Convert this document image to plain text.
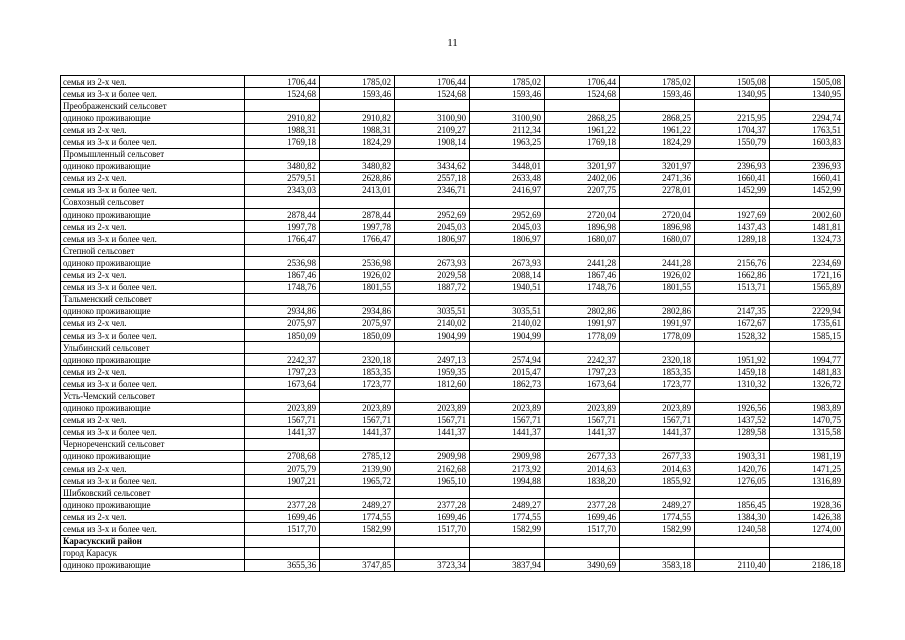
11
семья из 2-х чел.	1706,44	1785,02	1706,44	1785,02	1706,44	1785,02	1505,08	1505,08
семья из 3-х и более чел.	1524,68	1593,46	1524,68	1593,46	1524,68	1593,46	1340,95	1340,95
Преображенский сельсовет								
одиноко проживающие	2910,82	2910,82	3100,90	3100,90	2868,25	2868,25	2215,95	2294,74
семья из 2-х чел.	1988,31	1988,31	2109,27	2112,34	1961,22	1961,22	1704,37	1763,51
семья из 3-х и более чел.	1769,18	1824,29	1908,14	1963,25	1769,18	1824,29	1550,79	1603,83
Промышленный сельсовет								
одиноко проживающие	3480,82	3480,82	3434,62	3448,01	3201,97	3201,97	2396,93	2396,93
семья из 2-х чел.	2579,51	2628,86	2557,18	2633,48	2402,06	2471,36	1660,41	1660,41
семья из 3-х и более чел.	2343,03	2413,01	2346,71	2416,97	2207,75	2278,01	1452,99	1452,99
Совхозный сельсовет								
одиноко проживающие	2878,44	2878,44	2952,69	2952,69	2720,04	2720,04	1927,69	2002,60
семья из 2-х чел.	1997,78	1997,78	2045,03	2045,03	1896,98	1896,98	1437,43	1481,81
семья из 3-х и более чел.	1766,47	1766,47	1806,97	1806,97	1680,07	1680,07	1289,18	1324,73
Степной сельсовет								
одиноко проживающие	2536,98	2536,98	2673,93	2673,93	2441,28	2441,28	2156,76	2234,69
семья из 2-х чел.	1867,46	1926,02	2029,58	2088,14	1867,46	1926,02	1662,86	1721,16
семья из 3-х и более чел.	1748,76	1801,55	1887,72	1940,51	1748,76	1801,55	1513,71	1565,89
Тальменский сельсовет								
одиноко проживающие	2934,86	2934,86	3035,51	3035,51	2802,86	2802,86	2147,35	2229,94
семья из 2-х чел.	2075,97	2075,97	2140,02	2140,02	1991,97	1991,97	1672,67	1735,61
семья из 3-х и более чел.	1850,09	1850,09	1904,99	1904,99	1778,09	1778,09	1528,32	1585,15
Улыбинский сельсовет								
одиноко проживающие	2242,37	2320,18	2497,13	2574,94	2242,37	2320,18	1951,92	1994,77
семья из 2-х чел.	1797,23	1853,35	1959,35	2015,47	1797,23	1853,35	1459,18	1481,83
семья из 3-х и более чел.	1673,64	1723,77	1812,60	1862,73	1673,64	1723,77	1310,32	1326,72
Усть-Чемский сельсовет								
одиноко проживающие	2023,89	2023,89	2023,89	2023,89	2023,89	2023,89	1926,56	1983,89
семья из 2-х чел.	1567,71	1567,71	1567,71	1567,71	1567,71	1567,71	1437,52	1470,75
семья из 3-х и более чел.	1441,37	1441,37	1441,37	1441,37	1441,37	1441,37	1289,58	1315,58
Чернореченский сельсовет								
одиноко проживающие	2708,68	2785,12	2909,98	2909,98	2677,33	2677,33	1903,31	1981,19
семья из 2-х чел.	2075,79	2139,90	2162,68	2173,92	2014,63	2014,63	1420,76	1471,25
семья из 3-х и более чел.	1907,21	1965,72	1965,10	1994,88	1838,20	1855,92	1276,05	1316,89
Шибковский сельсовет								
одиноко проживающие	2377,28	2489,27	2377,28	2489,27	2377,28	2489,27	1856,45	1928,36
семья из 2-х чел.	1699,46	1774,55	1699,46	1774,55	1699,46	1774,55	1384,30	1426,38
семья из 3-х и более чел.	1517,70	1582,99	1517,70	1582,99	1517,70	1582,99	1240,58	1274,00
Карасукский район								
город Карасук								
одиноко проживающие	3655,36	3747,85	3723,34	3837,94	3490,69	3583,18	2110,40	2186,18
